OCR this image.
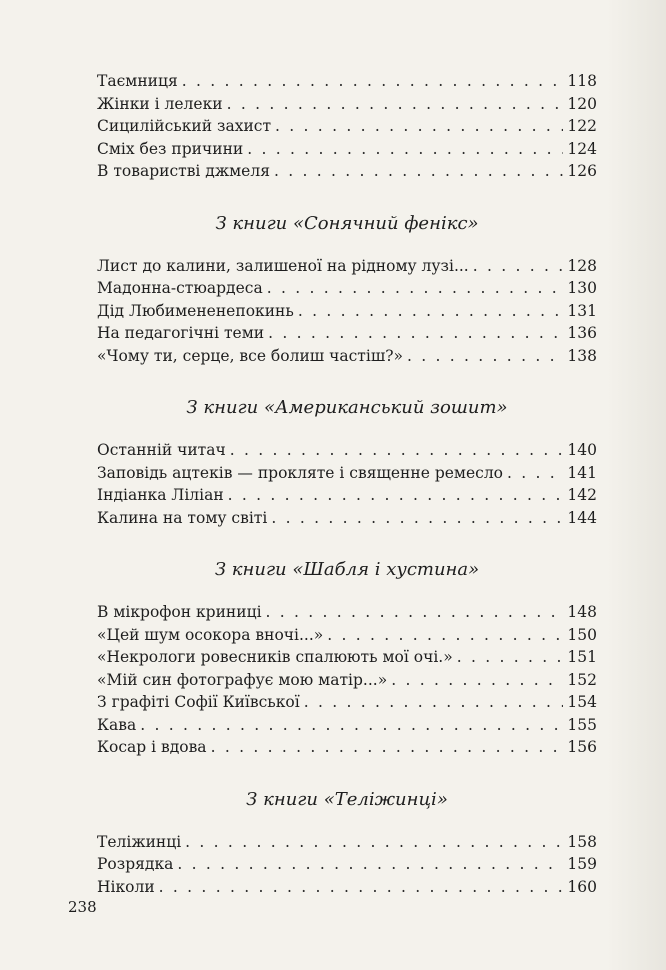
Таємниця . . .	118
Жінки і лелеки . . .	120
Сицилійський захист . . .	122
Сміх без причини . . .	124
В товаристві джмеля . . .	126
З книги «Сонячний фенікс»
Лист до калини, залишеної на рідному лузі... . . .	128
Мадонна-стюардеса . . .	130
Дід Любимененепокинь . . .	131
На педагогічні теми . . .	136
«Чому ти, серце, все болиш частіш?» . . .	138
З книги «Американський зошит»
Останній читач . . .	140
Заповідь ацтеків — прокляте і священне ремесло . . .	141
Індіанка Ліліан . . .	142
Калина на тому світі . . .	144
З книги «Шабля і хустина»
В мікрофон криниці . . .	148
«Цей шум осокора вночі...» . . .	150
«Некрологи ровесників спалюють мої очі.» . . .	151
«Мій син фотографує мою матір...» . . .	152
З графіті Софії Київської . . .	154
Кава . . .	155
Косар і вдова . . .	156
З книги «Теліжинці»
Теліжинці . . .	158
Розрядка . . .	159
Ніколи . . .	160
238
